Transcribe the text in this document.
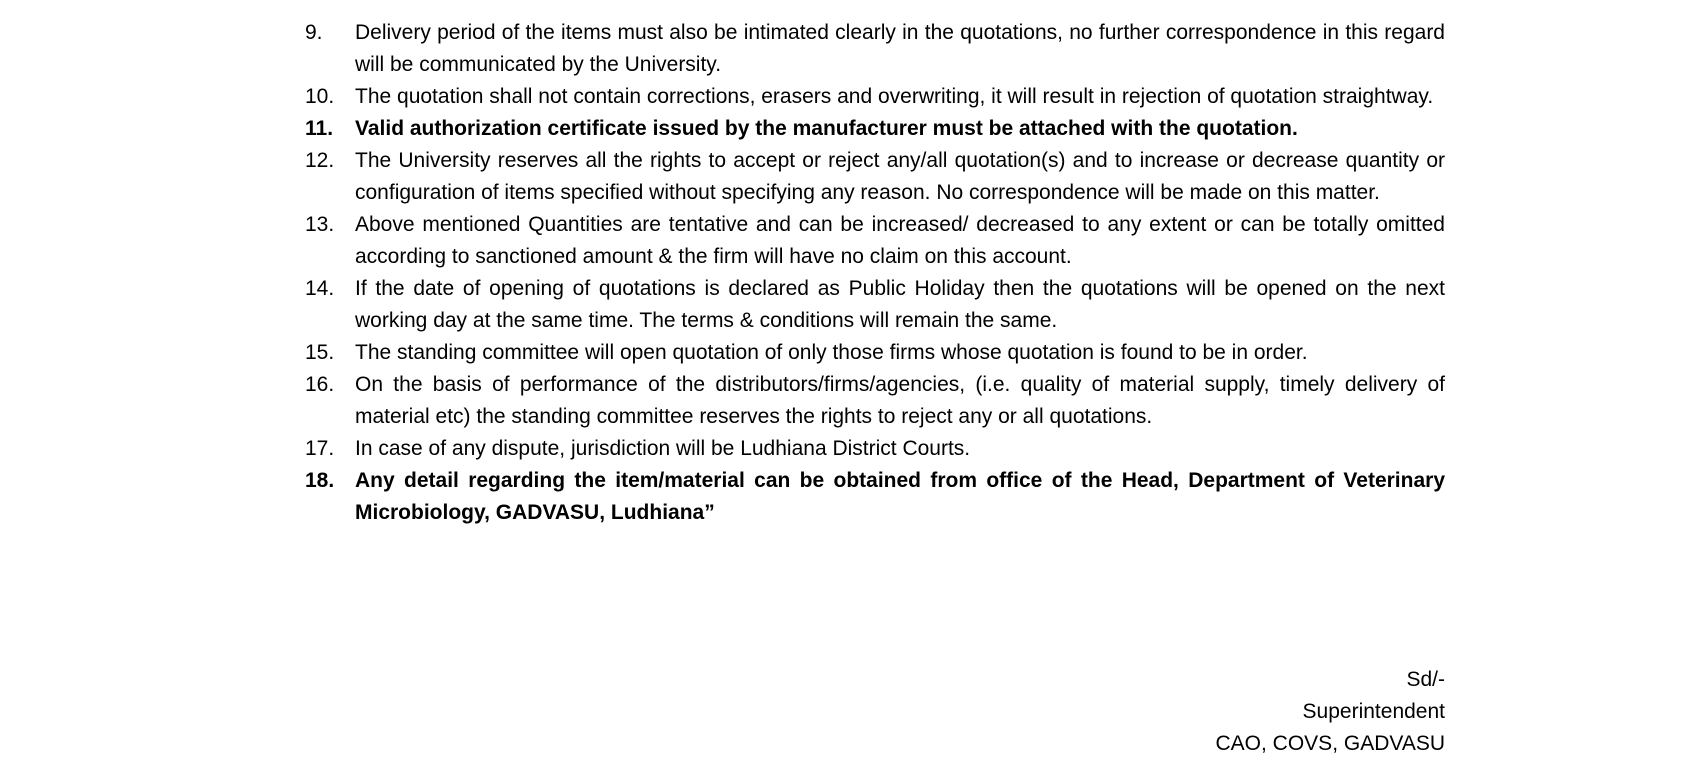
9.	Delivery period of the items must also be intimated clearly in the quotations, no further correspondence in this regard will be communicated by the University.
10. The quotation shall not contain corrections, erasers and overwriting, it will result in rejection of quotation straightway.
11.	Valid authorization certificate issued by the manufacturer must be attached with the quotation.
12. The University reserves all the rights to accept or reject any/all quotation(s) and to increase or decrease quantity or configuration of items specified without specifying any reason. No correspondence will be made on this matter.
13. Above mentioned Quantities are tentative and can be increased/ decreased to any extent or can be totally omitted according to sanctioned amount & the firm will have no claim on this account.
14. If the date of opening of quotations is declared as Public Holiday then the quotations will be opened on the next working day at the same time. The terms & conditions will remain the same.
15. The standing committee will open quotation of only those firms whose quotation is found to be in order.
16. On the basis of performance of the distributors/firms/agencies, (i.e. quality of material supply, timely delivery of material etc) the standing committee reserves the rights to reject any or all quotations.
17. In case of any dispute, jurisdiction will be Ludhiana District Courts.
18. Any detail regarding the item/material can be obtained from office of the Head, Department of Veterinary Microbiology, GADVASU, Ludhiana”
Sd/-
Superintendent
CAO, COVS, GADVASU
